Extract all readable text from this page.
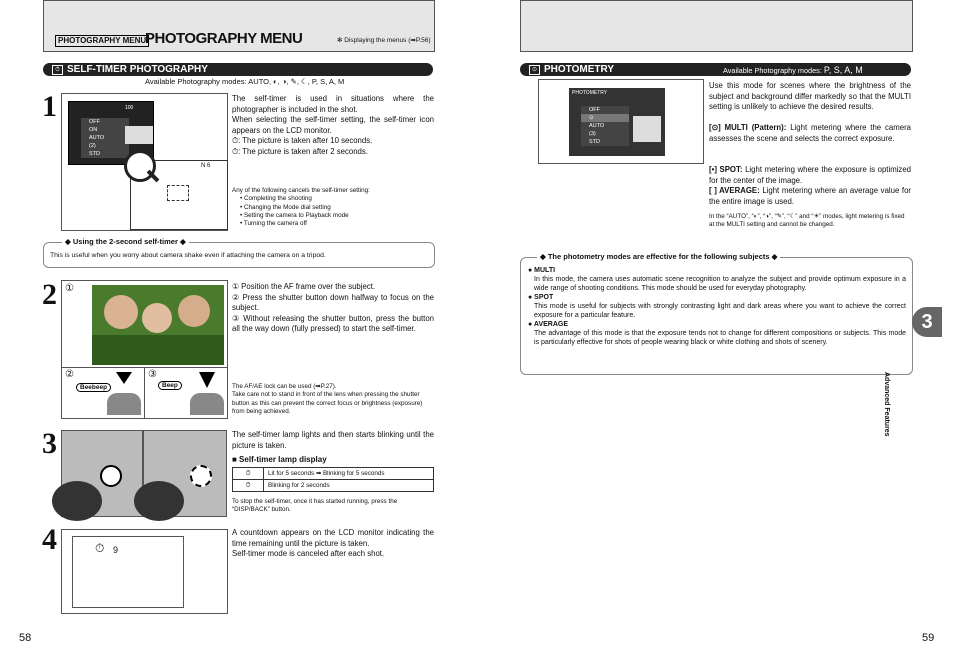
PHOTOGRAPHY MENU
PHOTOGRAPHY MENU	✻ Displaying the menus (➡P.56)
⏱ SELF-TIMER PHOTOGRAPHY
Available Photography modes: AUTO, ◐, ◑, ✎, ☾, P, S, A, M
1	100
OFF
ON
AUTO
(2)
STD
N 6
The self-timer is used in situations where the photographer is included in the shot.
When selecting the self-timer setting, the self-timer icon appears on the LCD monitor.
⏱: The picture is taken after 10 seconds.
⏱: The picture is taken after 2 seconds.
Any of the following cancels the self-timer setting:
• Completing the shooting
• Changing the Mode dial setting
• Setting the camera to Playback mode
• Turning the camera off
◆ Using the 2-second self-timer ◆
This is useful when you worry about camera shake even if attaching the camera on a tripod.
2 ①
②	③
Beebeep	Beep
① Position the AF frame over the subject.
② Press the shutter button down halfway to focus on the subject.
③ Without releasing the shutter button, press the button all the way down (fully pressed) to start the self-timer.
The AF/AE lock can be used (➡P.27).
Take care not to stand in front of the lens when pressing the shutter button as this can prevent the correct focus or brightness (exposure) from being achieved.
3	The self-timer lamp lights and then starts blinking until the picture is taken.
■ Self-timer lamp display
⏱	Lit for 5 seconds ➡ Blinking for 5 seconds
⏱	Blinking for 2 seconds
To stop the self-timer, once it has started running, press the “DISP/BACK” button.
4	⏱ 9
A countdown appears on the LCD monitor indicating the time remaining until the picture is taken.
Self-timer mode is canceled after each shot.
58
⊙ PHOTOMETRY	Available Photography modes: P, S, A, M
PHOTOMETRY
OFF
⊙
AUTO
(3)
STD
Use this mode for scenes where the brightness of the subject and background differ markedly so that the MULTI setting is unlikely to achieve the desired results.
[⊙] MULTI (Pattern): Light metering where the camera assesses the scene and selects the correct exposure.
[•] SPOT: Light metering where the exposure is optimized for the center of the image.
[ ] AVERAGE: Light metering where an average value for the entire image is used.
In the “AUTO”, “◐”, “◑”, “✎”, “☾” and “☀” modes, light metering is fixed at the MULTI setting and cannot be changed.
◆ The photometry modes are effective for the following subjects ◆
● MULTI
In this mode, the camera uses automatic scene recognition to analyze the subject and provide optimum exposure in a wide range of shooting conditions. This mode should be used for everyday photography.
● SPOT
This mode is useful for subjects with strongly contrasting light and dark areas where you want to achieve the correct exposure for a particular feature.
● AVERAGE
The advantage of this mode is that the exposure tends not to change for different compositions or subjects. This mode is particularly effective for shots of people wearing black or white clothing and shots of scenery.
3
Advanced Features
59
